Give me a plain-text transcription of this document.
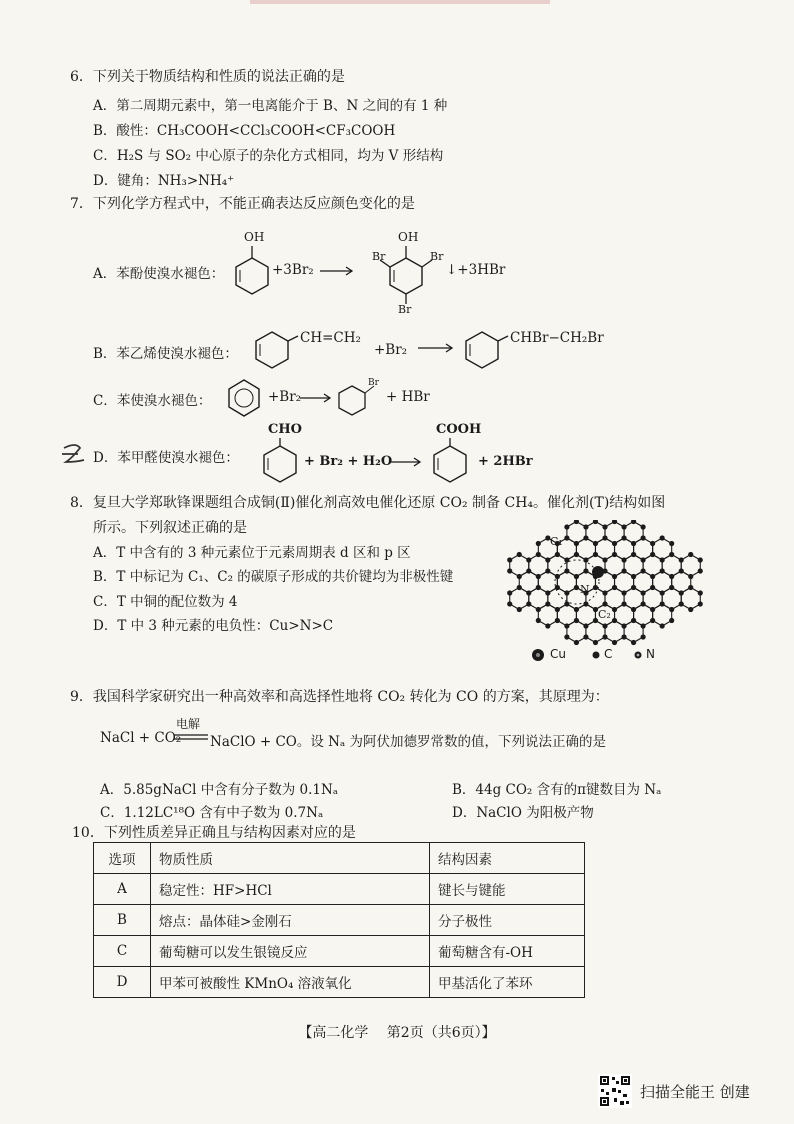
6．下列关于物质结构和性质的说法正确的是
A．第二周期元素中，第一电离能介于 B、N 之间的有 1 种
B．酸性：CH₃COOH<CCl₃COOH<CF₃COOH
C．H₂S 与 SO₂ 中心原子的杂化方式相同，均为 V 形结构
D．键角：NH₃>NH₄⁺
7．下列化学方程式中，不能正确表达反应颜色变化的是
A．苯酚使溴水褪色：
OH
+3Br₂
OH
Br	Br
Br
↓+3HBr
B．苯乙烯使溴水褪色：
CH=CH₂
+Br₂
CHBr−CH₂Br
C．苯使溴水褪色：	+Br₂
Br
+ HBr
D．苯甲醛使溴水褪色：
CHO
+ Br₂ + H₂O
COOH
+ 2HBr
8．复旦大学郑耿锋课题组合成铜(Ⅱ)催化剂高效电催化还原 CO₂ 制备 CH₄。催化剂(T)结构如图
所示。下列叙述正确的是
A．T 中含有的 3 种元素位于元素周期表 d 区和 p 区
B．T 中标记为 C₁、C₂ 的碳原子形成的共价键均为非极性键
C．T 中铜的配位数为 4
D．T 中 3 种元素的电负性：Cu>N>C
C₁
N
C₂
Cu	C	N
9．我国科学家研究出一种高效率和高选择性地将 CO₂ 转化为 CO 的方案，其原理为：
NaCl + CO₂
电解
NaClO + CO。设 Nₐ 为阿伏加德罗常数的值，下列说法正确的是
A．5.85gNaCl 中含有分子数为 0.1Nₐ	B．44g CO₂ 含有的π键数目为 Nₐ
C．1.12LC¹⁸O 含有中子数为 0.7Nₐ	D．NaClO 为阳极产物
10．下列性质差异正确且与结构因素对应的是
选项	物质性质	结构因素
A	稳定性：HF>HCl	键长与键能
B	熔点：晶体硅>金刚石	分子极性
C	葡萄糖可以发生银镜反应	葡萄糖含有-OH
D	甲苯可被酸性 KMnO₄ 溶液氧化	甲基活化了苯环
【高二化学　 第2页（共6页）】
扫描全能王 创建
